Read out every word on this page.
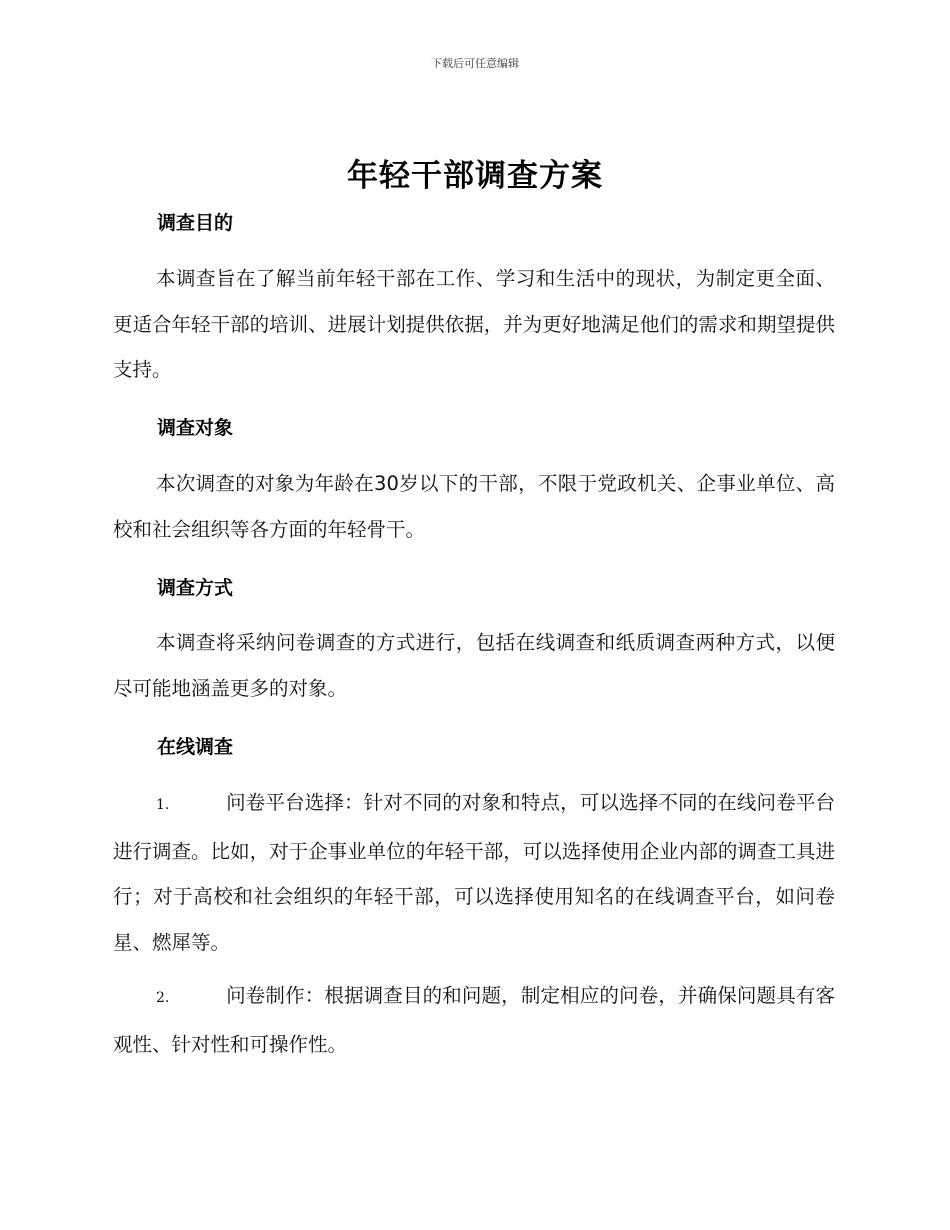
下载后可任意编辑
年轻干部调查方案
调查目的

本调查旨在了解当前年轻干部在工作、学习和生活中的现状，为制定更全面、更适合年轻干部的培训、进展计划提供依据，并为更好地满足他们的需求和期望提供支持。

调查对象

本次调查的对象为年龄在30岁以下的干部，不限于党政机关、企事业单位、高校和社会组织等各方面的年轻骨干。

调查方式

本调查将采纳问卷调查的方式进行，包括在线调查和纸质调查两种方式，以便尽可能地涵盖更多的对象。

在线调查

1.	问卷平台选择：针对不同的对象和特点，可以选择不同的在线问卷平台进行调查。比如，对于企事业单位的年轻干部，可以选择使用企业内部的调查工具进行；对于高校和社会组织的年轻干部，可以选择使用知名的在线调查平台，如问卷星、燃犀等。

2.	问卷制作：根据调查目的和问题，制定相应的问卷，并确保问题具有客观性、针对性和可操作性。
